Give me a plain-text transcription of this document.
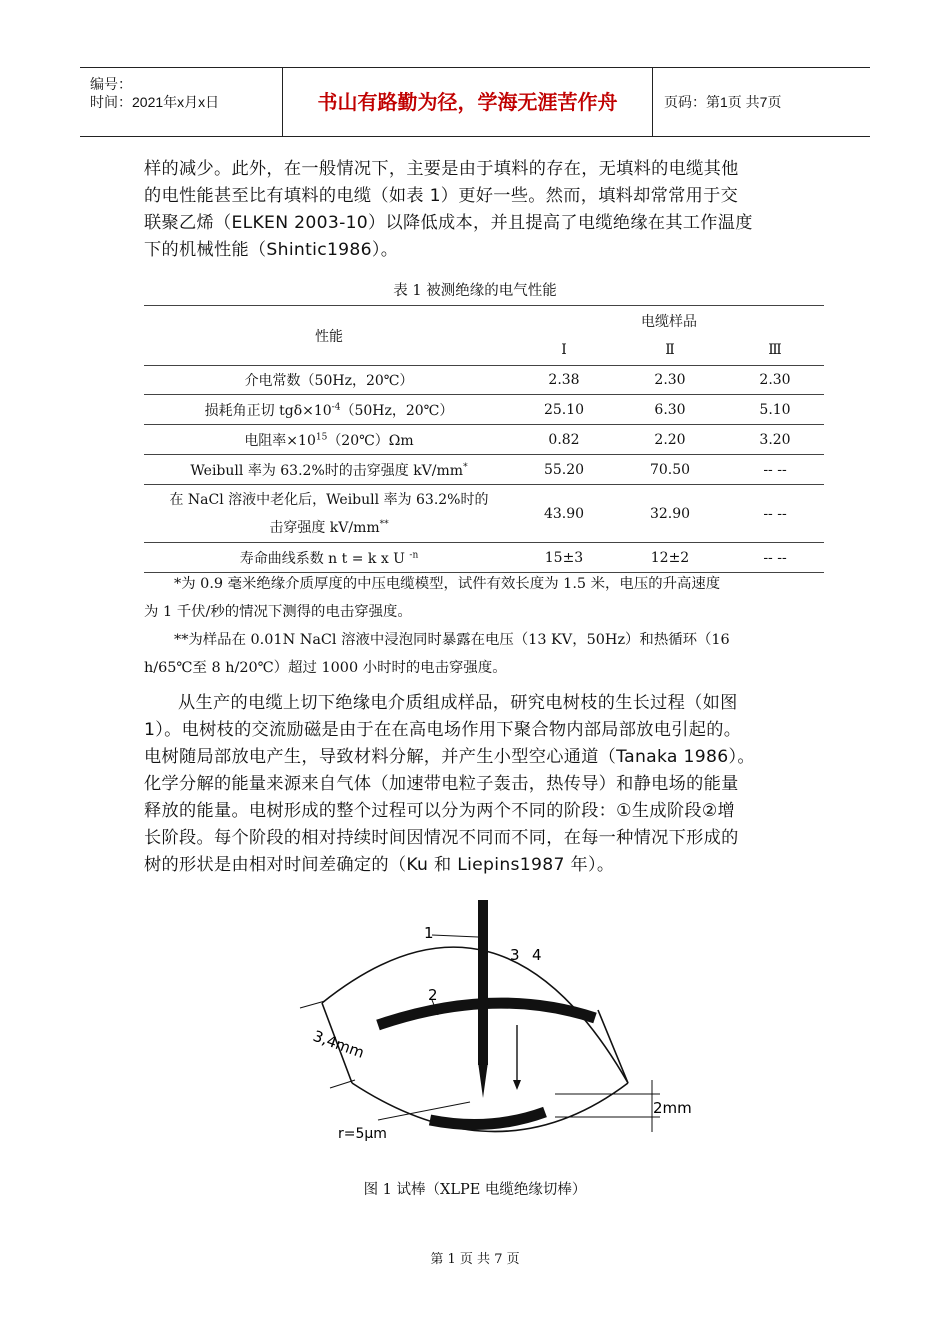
编号：
时间：2021年x月x日	书山有路勤为径，学海无涯苦作舟	页码：第1页 共7页

样的减少。此外，在一般情况下，主要是由于填料的存在，无填料的电缆其他

的电性能甚至比有填料的电缆（如表 1）更好一些。然而，填料却常常用于交

联聚乙烯（ELKEN 2003-10）以降低成本，并且提高了电缆绝缘在其工作温度

下的机械性能（Shintic1986）。

表 1 被测绝缘的电气性能
性能	电缆样品		
	Ⅰ	Ⅱ	Ⅲ
介电常数（50Hz，20℃）	2.38	2.30	2.30
损耗角正切 $tg\delta\times 10^{-4}(50Hz$，20℃）	25.10	6.30	5.10
电阻率$\times 10^{15}(20℃)\Omega m$	0.82	2.20	3.20
Weibull 率为 63.2%时的击穿强度 kV/mm*	55.20	70.50	-- --
在 NaCl 溶液中老化后，Weibull 率为 63.2%时的
击穿强度 kV/mm**	43.90	32.90	-- --
寿命曲线系数 n t = k x U $^{-n}$	15±3	12±2	-- --

*为 0.9 毫米绝缘介质厚度的中压电缆模型，试件有效长度为 1.5 米，电压的升高速度

为 1 千伏/秒的情况下测得的电击穿强度。

**为样品在 0.01N NaCl 溶液中浸泡同时暴露在电压（13 KV，50Hz）和热循环（16

h/65℃至 8 h/20℃）超过 1000 小时时的电击穿强度。

从生产的电缆上切下绝缘电介质组成样品，研究电树枝的生长过程（如图

1）。电树枝的交流励磁是由于在在高电场作用下聚合物内部局部放电引起的。

电树随局部放电产生，导致材料分解，并产生小型空心通道（Tanaka 1986）。

化学分解的能量来源来自气体（加速带电粒子轰击，热传导）和静电场的能量

释放的能量。电树形成的整个过程可以分为两个不同的阶段：①生成阶段②增

长阶段。每个阶段的相对持续时间因情况不同而不同，在每一种情况下形成的

树的形状是由相对时间差确定的（Ku 和 Liepins1987 年）。

1
2
3 4
3,4mm
2mm
r=5μm
图 1 试棒（XLPE 电缆绝缘切棒）
第 1 页 共 7 页
